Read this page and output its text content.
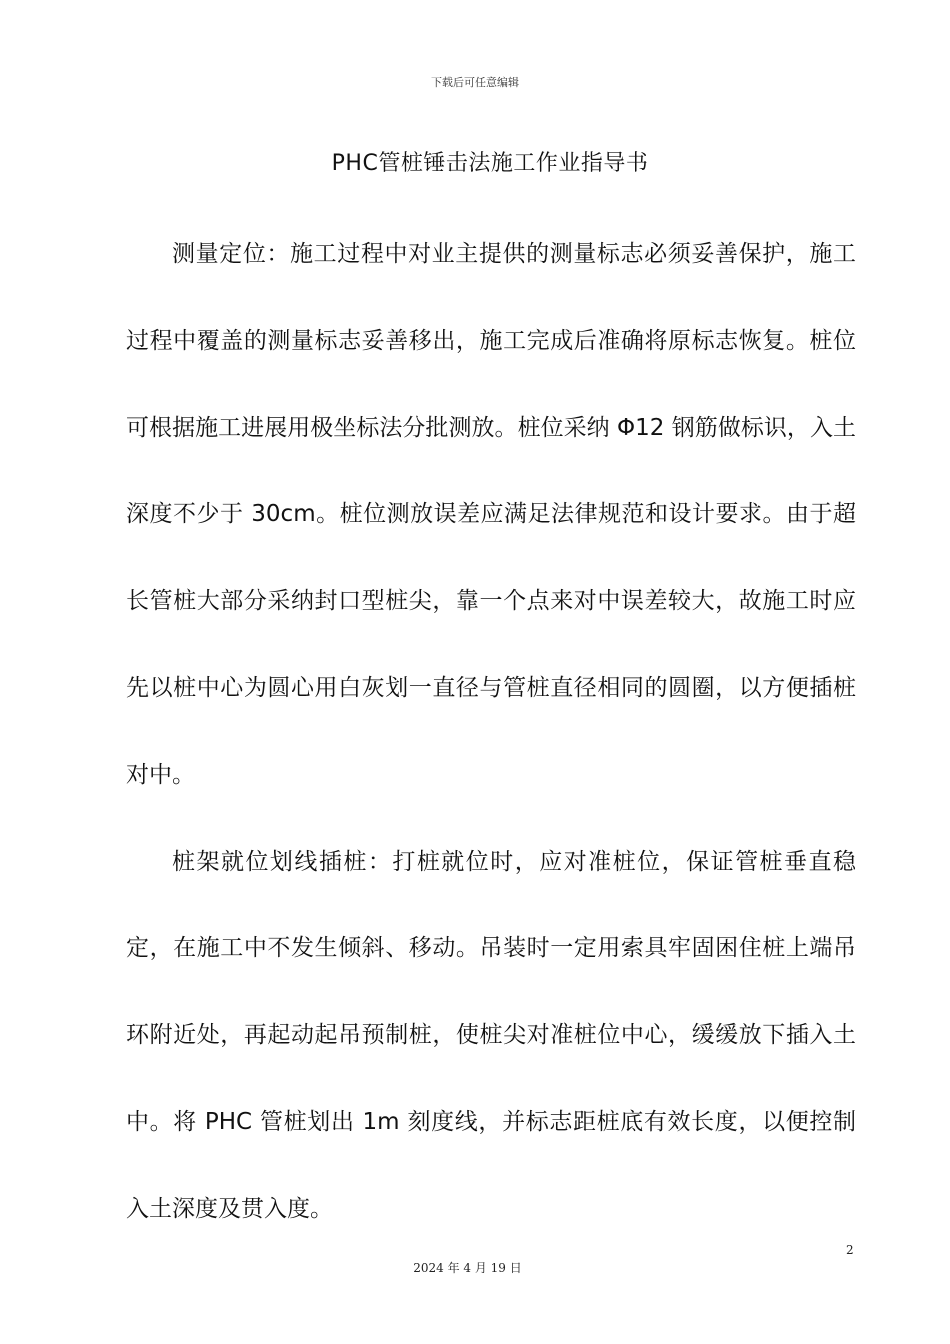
下载后可任意编辑
PHC管桩锤击法施工作业指导书

测量定位：施工过程中对业主提供的测量标志必须妥善保护，施工过程中覆盖的测量标志妥善移出，施工完成后准确将原标志恢复。桩位可根据施工进展用极坐标法分批测放。桩位采纳 Φ12 钢筋做标识，入土深度不少于 30cm。桩位测放误差应满足法律规范和设计要求。由于超长管桩大部分采纳封口型桩尖，靠一个点来对中误差较大，故施工时应先以桩中心为圆心用白灰划一直径与管桩直径相同的圆圈，以方便插桩对中。

桩架就位划线插桩：打桩就位时，应对准桩位，保证管桩垂直稳定，在施工中不发生倾斜、移动。吊装时一定用索具牢固困住桩上端吊环附近处，再起动起吊预制桩，使桩尖对准桩位中心，缓缓放下插入土中。将 PHC 管桩划出 1m 刻度线，并标志距桩底有效长度，以便控制入土深度及贯入度。

2
2024 年 4 月 19 日
